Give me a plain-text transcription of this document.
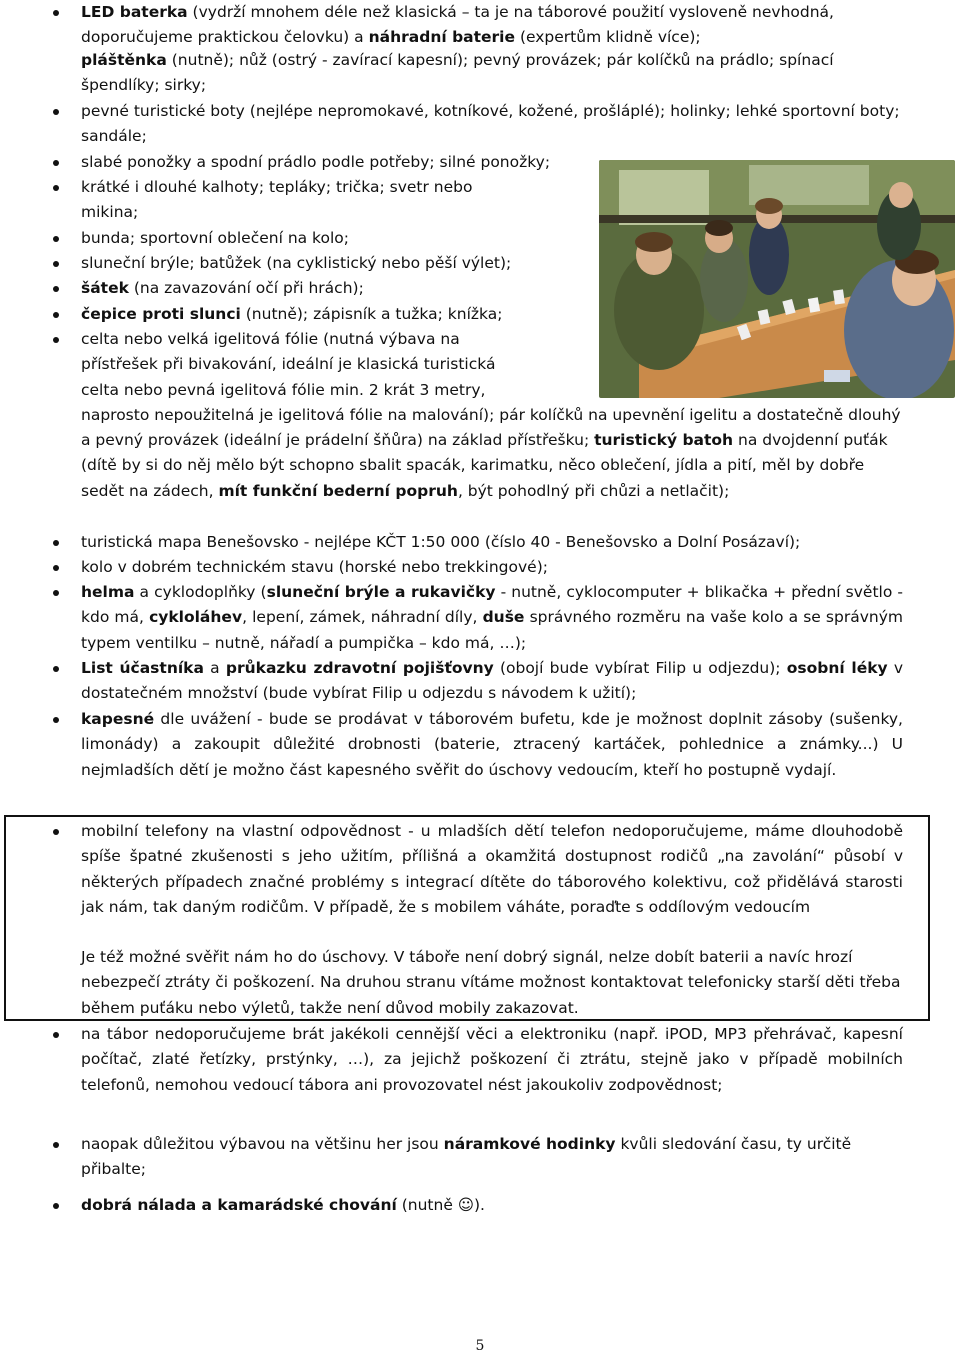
LED baterka (vydrží mnohem déle než klasická – ta je na táborové použití vysloveně nevhodná, doporučujeme praktickou čelovku) a náhradní baterie (expertům klidně více);
pláštěnka (nutně); nůž (ostrý - zavírací kapesní); pevný provázek; pár kolíčků na prádlo; spínací špendlíky; sirky;
pevné turistické boty (nejlépe nepromokavé, kotníkové, kožené, prošláplé); holinky; lehké sportovní boty; sandále;
slabé ponožky a spodní prádlo podle potřeby; silné ponožky;
krátké i dlouhé kalhoty; tepláky; trička; svetr nebo mikina;
bunda; sportovní oblečení na kolo;
sluneční brýle; batůžek (na cyklistický nebo pěší výlet);
šátek (na zavazování očí při hrách);
čepice proti slunci (nutně); zápisník a tužka; knížka;
celta nebo velká igelitová fólie (nutná výbava na přístřešek při bivakování, ideální je klasická turistická celta nebo pevná igelitová fólie min. 2 krát 3 metry, naprosto nepoužitelná je igelitová fólie na malování); pár kolíčků na upevnění igelitu a dostatečně dlouhý a pevný provázek (ideální je prádelní šňůra) na základ přístřešku; turistický batoh na dvojdenní puťák (dítě by si do něj mělo být schopno sbalit spacák, karimatku, něco oblečení, jídla a pití, měl by dobře sedět na zádech, mít funkční bederní popruh, být pohodlný při chůzi a netlačit);
turistická mapa Benešovsko - nejlépe KČT 1:50 000 (číslo 40 - Benešovsko a Dolní Posázaví);
kolo v dobrém technickém stavu (horské nebo trekkingové);
helma a cyklodoplňky (sluneční brýle a rukavičky - nutně, cyklocomputer + blikačka + přední světlo - kdo má, cykloláhev, lepení, zámek, náhradní díly, duše správného rozměru na vaše kolo a se správným typem ventilku – nutně, nářadí a pumpička – kdo má, …);
List účastníka a průkazku zdravotní pojišťovny (obojí bude vybírat Filip u odjezdu); osobní léky v dostatečném množství (bude vybírat Filip u odjezdu s návodem k užití);
kapesné dle uvážení - bude se prodávat v táborovém bufetu, kde je možnost doplnit zásoby (sušenky, limonády) a zakoupit důležité drobnosti (baterie, ztracený kartáček, pohlednice a známky...) U nejmladších dětí je možno část kapesného svěřit do úschovy vedoucím, kteří ho postupně vydají.
mobilní telefony na vlastní odpovědnost - u mladších dětí telefon nedoporučujeme, máme dlouhodobě spíše špatné zkušenosti s jeho užitím, přílišná a okamžitá dostupnost rodičů „na zavolání“ působí v některých případech značné problémy s integrací dítěte do táborového kolektivu, což přidělává starosti jak nám, tak daným rodičům. V případě, že s mobilem váháte, poraďte s oddílovým vedoucím
Je též možné svěřit nám ho do úschovy. V táboře není dobrý signál, nelze dobít baterii a navíc hrozí nebezpečí ztráty či poškození. Na druhou stranu vítáme možnost kontaktovat telefonicky starší děti třeba během puťáku nebo výletů, takže není důvod mobily zakazovat.
na tábor nedoporučujeme brát jakékoli cennější věci a elektroniku (např. iPOD, MP3 přehrávač, kapesní počítač, zlaté řetízky, prstýnky, …), za jejichž poškození či ztrátu, stejně jako v případě mobilních telefonů, nemohou vedoucí tábora ani provozovatel nést jakoukoliv zodpovědnost;
naopak důležitou výbavou na většinu her jsou náramkové hodinky kvůli sledování času, ty určitě přibalte;
dobrá nálada a kamarádské chování (nutně ☺).
5
